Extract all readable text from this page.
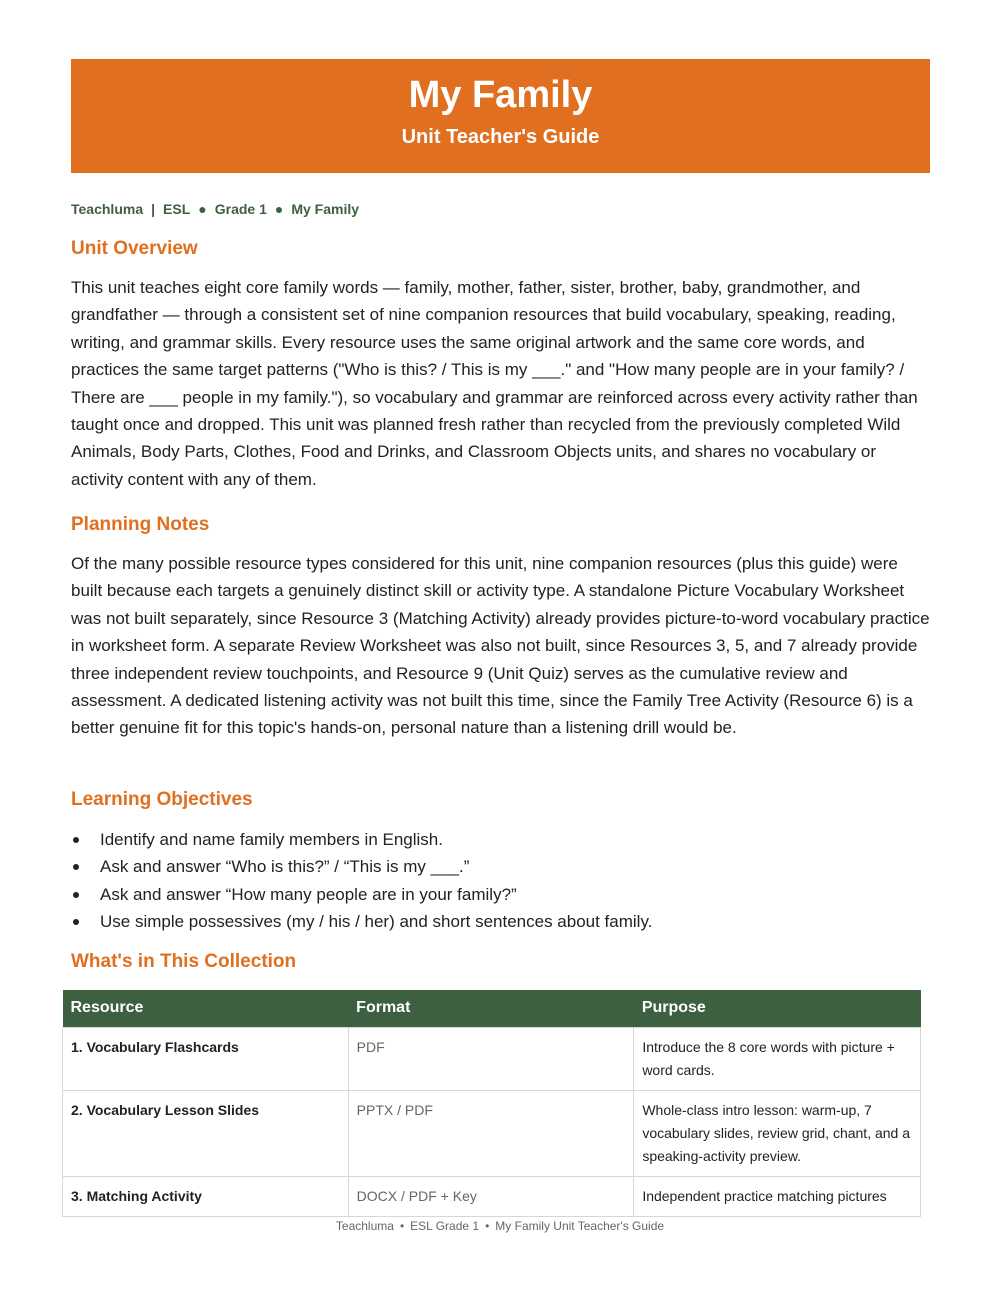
My Family
Unit Teacher's Guide
Teachluma | ESL ● Grade 1 ● My Family
Unit Overview

This unit teaches eight core family words — family, mother, father, sister, brother, baby, grandmother, and grandfather — through a consistent set of nine companion resources that build vocabulary, speaking, reading, writing, and grammar skills. Every resource uses the same original artwork and the same core words, and practices the same target patterns ("Who is this? / This is my ___." and "How many people are in your family? / There are ___ people in my family."), so vocabulary and grammar are reinforced across every activity rather than taught once and dropped. This unit was planned fresh rather than recycled from the previously completed Wild Animals, Body Parts, Clothes, Food and Drinks, and Classroom Objects units, and shares no vocabulary or activity content with any of them.

Planning Notes

Of the many possible resource types considered for this unit, nine companion resources (plus this guide) were built because each targets a genuinely distinct skill or activity type. A standalone Picture Vocabulary Worksheet was not built separately, since Resource 3 (Matching Activity) already provides picture-to-word vocabulary practice in worksheet form. A separate Review Worksheet was also not built, since Resources 3, 5, and 7 already provide three independent review touchpoints, and Resource 9 (Unit Quiz) serves as the cumulative review and assessment. A dedicated listening activity was not built this time, since the Family Tree Activity (Resource 6) is a better genuine fit for this topic's hands-on, personal nature than a listening drill would be.

Learning Objectives
Identify and name family members in English.
Ask and answer “Who is this?” / “This is my ___.”
Ask and answer “How many people are in your family?”
Use simple possessives (my / his / her) and short sentences about family.
What's in This Collection
Resource	Format	Purpose
1. Vocabulary Flashcards	PDF	Introduce the 8 core words with picture + word cards.
2. Vocabulary Lesson Slides	PPTX / PDF	Whole-class intro lesson: warm-up, 7 vocabulary slides, review grid, chant, and a speaking-activity preview.
3. Matching Activity	DOCX / PDF + Key	Independent practice matching pictures
Teachluma • ESL Grade 1 • My Family Unit Teacher's Guide
